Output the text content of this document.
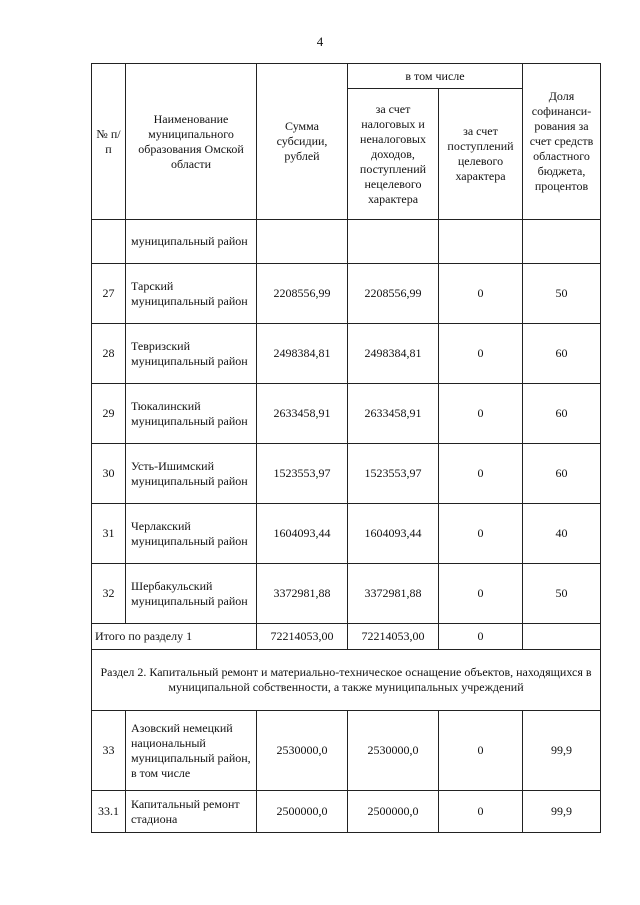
4
№ п/п	Наименование муниципального образования Омской области	Сумма субсидии, рублей	в том числе		Доля софинанси-рования за счет средств областного бюджета, процентов
			за счет налоговых и неналоговых доходов, поступлений нецелевого характера	за счет поступлений целевого характера	
	муниципальный район				
27	Тарский муниципальный район	2208556,99	2208556,99	0	50
28	Тевризский муниципальный район	2498384,81	2498384,81	0	60
29	Тюкалинский муниципальный район	2633458,91	2633458,91	0	60
30	Усть-Ишимский муниципальный район	1523553,97	1523553,97	0	60
31	Черлакский муниципальный район	1604093,44	1604093,44	0	40
32	Шербакульский муниципальный район	3372981,88	3372981,88	0	50
Итого по разделу 1		72214053,00	72214053,00	0	
Раздел 2. Капитальный ремонт и материально-техническое оснащение объектов, находящихся в муниципальной собственности, а также муниципальных учреждений					
33	Азовский немецкий национальный муниципальный район, в том числе	2530000,0	2530000,0	0	99,9
33.1	Капитальный ремонт стадиона	2500000,0	2500000,0	0	99,9
